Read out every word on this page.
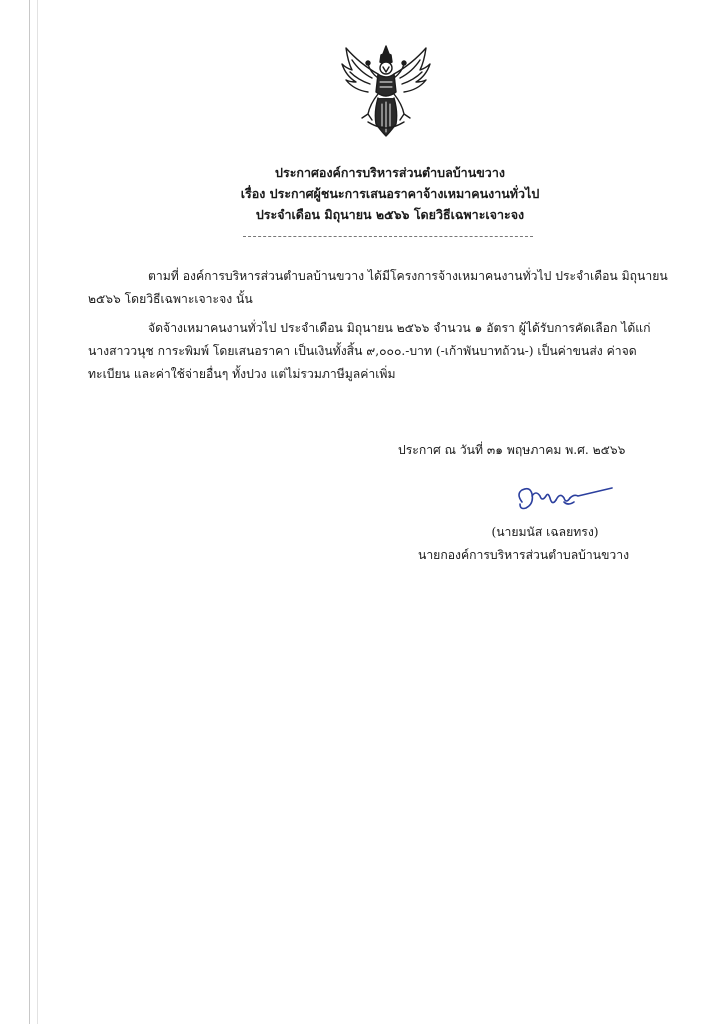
ประกาศองค์การบริหารส่วนตำบลบ้านขวาง
เรื่อง ประกาศผู้ชนะการเสนอราคาจ้างเหมาคนงานทั่วไป
ประจำเดือน มิถุนายน ๒๕๖๖ โดยวิธีเฉพาะเจาะจง
ตามที่ องค์การบริหารส่วนตำบลบ้านขวาง ได้มีโครงการจ้างเหมาคนงานทั่วไป ประจำเดือน มิถุนายน
๒๕๖๖ โดยวิธีเฉพาะเจาะจง นั้น
จัดจ้างเหมาคนงานทั่วไป ประจำเดือน มิถุนายน ๒๕๖๖ จำนวน ๑ อัตรา ผู้ได้รับการคัดเลือก ได้แก่
นางสาววนุช การะพิมพ์ โดยเสนอราคา เป็นเงินทั้งสิ้น ๙,๐๐๐.-บาท (-เก้าพันบาทถ้วน-) เป็นค่าขนส่ง ค่าจด
ทะเบียน และค่าใช้จ่ายอื่นๆ ทั้งปวง แต่ไม่รวมภาษีมูลค่าเพิ่ม
ประกาศ ณ วันที่ ๓๑ พฤษภาคม พ.ศ. ๒๕๖๖
(นายมนัส เฉลยทรง)
นายกองค์การบริหารส่วนตำบลบ้านขวาง
